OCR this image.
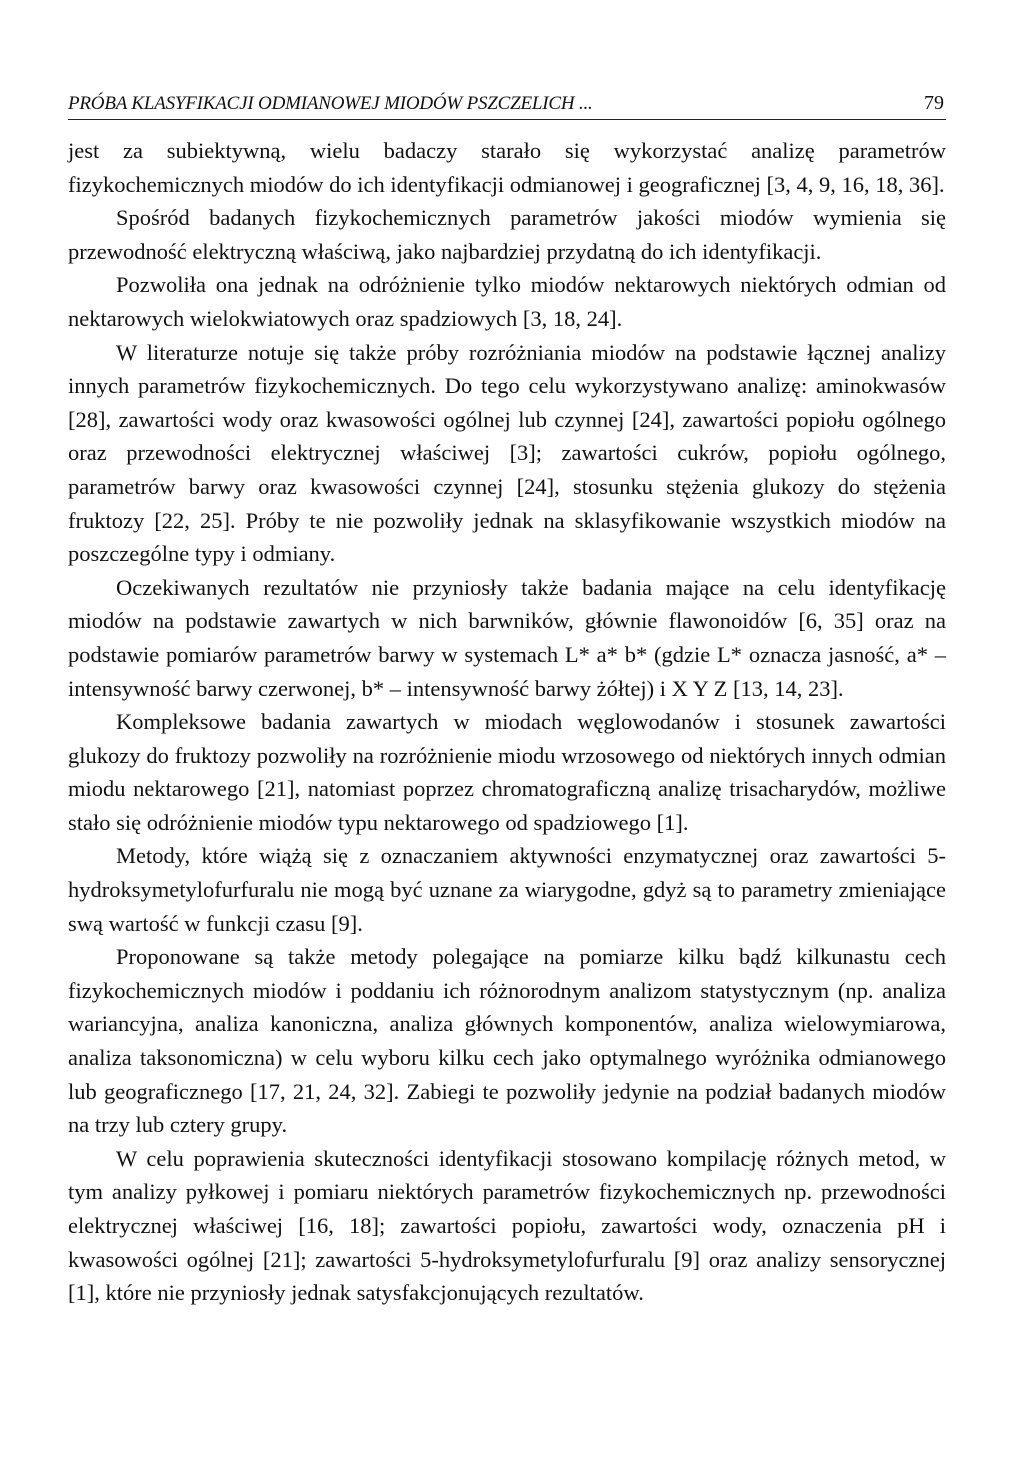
PRÓBA KLASYFIKACJI ODMIANOWEJ MIODÓW PSZCZELICH ...	79

jest za subiektywną, wielu badaczy starało się wykorzystać analizę parametrów fizykochemicznych miodów do ich identyfikacji odmianowej i geograficznej [3, 4, 9, 16, 18, 36].

Spośród badanych fizykochemicznych parametrów jakości miodów wymienia się przewodność elektryczną właściwą, jako najbardziej przydatną do ich identyfikacji.

Pozwoliła ona jednak na odróżnienie tylko miodów nektarowych niektórych odmian od nektarowych wielokwiatowych oraz spadziowych [3, 18, 24].

W literaturze notuje się także próby rozróżniania miodów na podstawie łącznej analizy innych parametrów fizykochemicznych. Do tego celu wykorzystywano analizę: aminokwasów [28], zawartości wody oraz kwasowości ogólnej lub czynnej [24], zawartości popiołu ogólnego oraz przewodności elektrycznej właściwej [3]; zawartości cukrów, popiołu ogólnego, parametrów barwy oraz kwasowości czynnej [24], stosunku stężenia glukozy do stężenia fruktozy [22, 25]. Próby te nie pozwoliły jednak na sklasyfikowanie wszystkich miodów na poszczególne typy i odmiany.

Oczekiwanych rezultatów nie przyniosły także badania mające na celu identyfikację miodów na podstawie zawartych w nich barwników, głównie flawonoidów [6, 35] oraz na podstawie pomiarów parametrów barwy w systemach L* a* b* (gdzie L* oznacza jasność, a* – intensywność barwy czerwonej, b* – intensywność barwy żółtej) i X Y Z [13, 14, 23].

Kompleksowe badania zawartych w miodach węglowodanów i stosunek zawartości glukozy do fruktozy pozwoliły na rozróżnienie miodu wrzosowego od niektórych innych odmian miodu nektarowego [21], natomiast poprzez chromatograficzną analizę trisacharydów, możliwe stało się odróżnienie miodów typu nektarowego od spadziowego [1].

Metody, które wiążą się z oznaczaniem aktywności enzymatycznej oraz zawartości 5-hydroksymetylofurfuralu nie mogą być uznane za wiarygodne, gdyż są to parametry zmieniające swą wartość w funkcji czasu [9].

Proponowane są także metody polegające na pomiarze kilku bądź kilkunastu cech fizykochemicznych miodów i poddaniu ich różnorodnym analizom statystycznym (np. analiza wariancyjna, analiza kanoniczna, analiza głównych komponentów, analiza wielowymiarowa, analiza taksonomiczna) w celu wyboru kilku cech jako optymalnego wyróżnika odmianowego lub geograficznego [17, 21, 24, 32]. Zabiegi te pozwoliły jedynie na podział badanych miodów na trzy lub cztery grupy.

W celu poprawienia skuteczności identyfikacji stosowano kompilację różnych metod, w tym analizy pyłkowej i pomiaru niektórych parametrów fizykochemicznych np. przewodności elektrycznej właściwej [16, 18]; zawartości popiołu, zawartości wody, oznaczenia pH i kwasowości ogólnej [21]; zawartości 5-hydroksymetylofurfuralu [9] oraz analizy sensorycznej [1], które nie przyniosły jednak satysfakcjonujących rezultatów.
